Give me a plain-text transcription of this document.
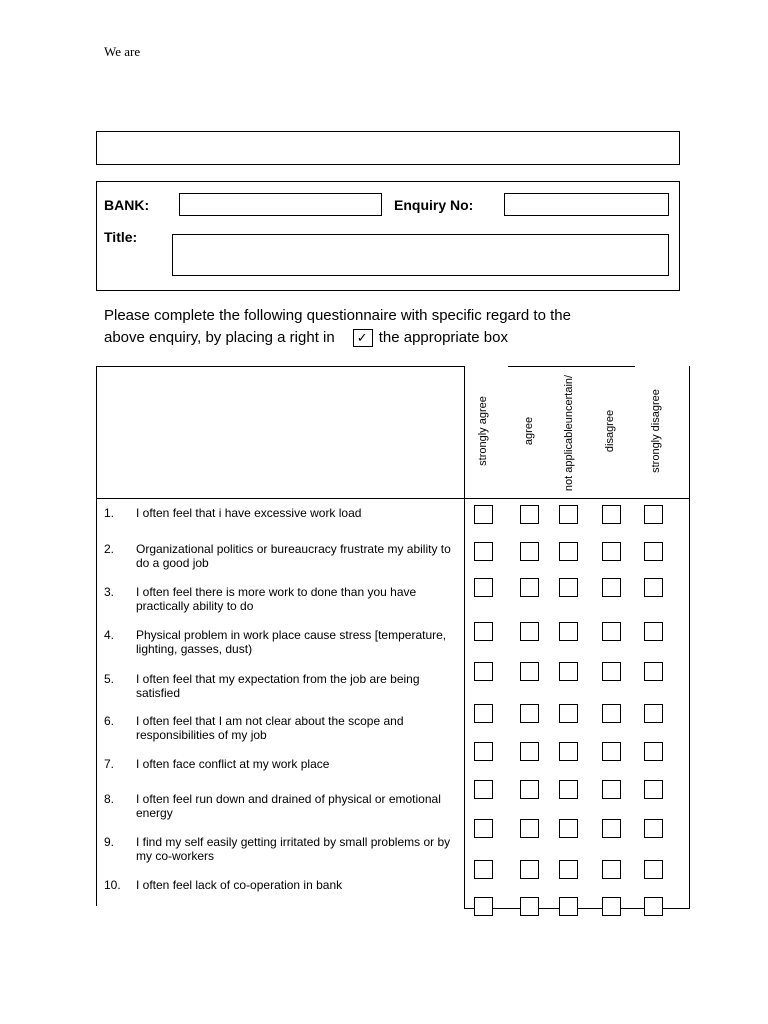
We are
BANK:	Enquiry No:
Title:
Please complete the following questionnaire with specific regard to the
above enquiry, by placing a right in ✓ the appropriate box
strongly agree	agree	not applicableuncertain/	disagree	strongly disagree
1. I often feel that i have excessive work load
2. Organizational politics or bureaucracy frustrate my ability to do a good job
3. I often feel there is more work to done than you have practically ability to do
4. Physical problem in work place cause stress [temperature, lighting, gasses, dust)
5. I often feel that my expectation from the job are being satisfied
6. I often feel that I am not clear about the scope and responsibilities of my job
7. I often face conflict at my work place
8. I often feel run down and drained of physical or emotional energy
9. I find my self easily getting irritated by small problems or by my co-workers
10. I often feel lack of co-operation in bank
